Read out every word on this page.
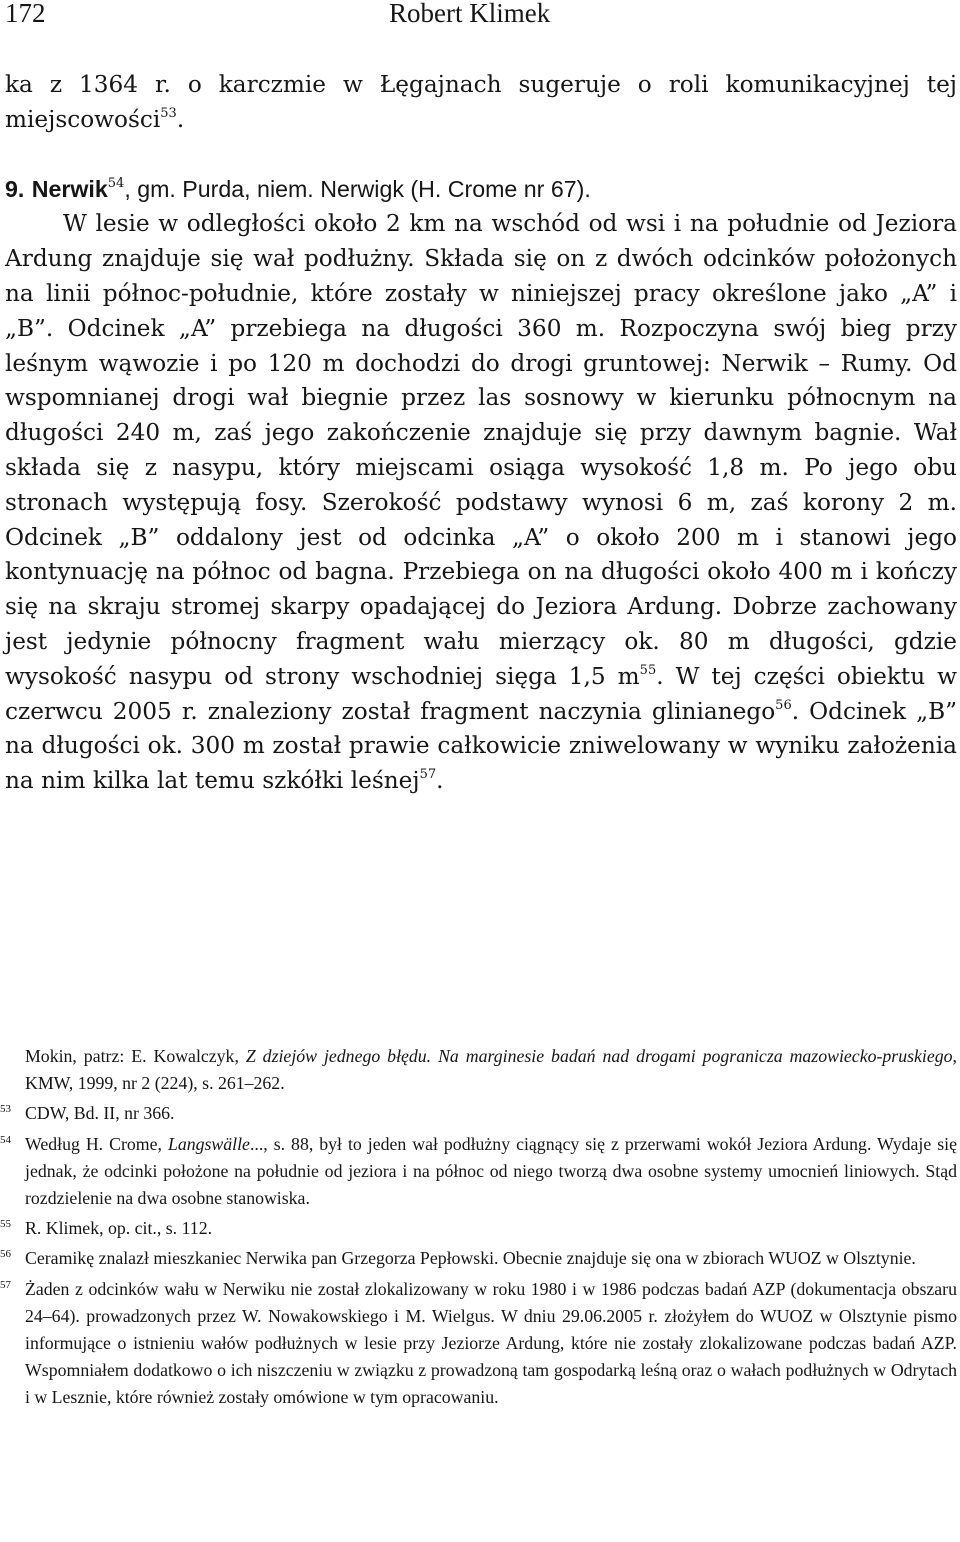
172	Robert Klimek

ka z 1364 r. o karczmie w Łęgajnach sugeruje o roli komunikacyjnej tej miejscowości$^{53}$.

9. Nerwik$^{54}$, gm. Purda, niem. Nerwigk (H. Crome nr 67).

W lesie w odległości około 2 km na wschód od wsi i na południe od Jeziora Ardung znajduje się wał podłużny. Składa się on z dwóch odcinków położonych na linii północ-południe, które zostały w niniejszej pracy określone jako „A” i „B”. Odcinek „A” przebiega na długości 360 m. Rozpoczyna swój bieg przy leśnym wąwozie i po 120 m dochodzi do drogi gruntowej: Nerwik – Rumy. Od wspomnianej drogi wał biegnie przez las sosnowy w kierunku północnym na długości 240 m, zaś jego zakończenie znajduje się przy dawnym bagnie. Wał składa się z nasypu, który miejscami osiąga wysokość 1,8 m. Po jego obu stronach występują fosy. Szerokość podstawy wynosi 6 m, zaś korony 2 m. Odcinek „B” oddalony jest od odcinka „A” o około 200 m i stanowi jego kontynuację na północ od bagna. Przebiega on na długości około 400 m i kończy się na skraju stromej skarpy opadającej do Jeziora Ardung. Dobrze zachowany jest jedynie północny fragment wału mierzący ok. 80 m długości, gdzie wysokość nasypu od strony wschodniej sięga 1,5 m$^{55}$. W tej części obiektu w czerwcu 2005 r. znaleziony został fragment naczynia glinianego$^{56}$. Odcinek „B” na długości ok. 300 m został prawie całkowicie zniwelowany w wyniku założenia na nim kilka lat temu szkółki leśnej$^{57}$.

Mokin, patrz: E. Kowalczyk, Z dziejów jednego błędu. Na marginesie badań nad drogami pogranicza mazowiecko-pruskiego, KMW, 1999, nr 2 (224), s. 261–262.

53 CDW, Bd. II, nr 366.

54 Według H. Crome, Langswälle..., s. 88, był to jeden wał podłużny ciągnący się z przerwami wokół Jeziora Ardung. Wydaje się jednak, że odcinki położone na południe od jeziora i na północ od niego tworzą dwa osobne systemy umocnień liniowych. Stąd rozdzielenie na dwa osobne stanowiska.

55 R. Klimek, op. cit., s. 112.

56 Ceramikę znalazł mieszkaniec Nerwika pan Grzegorza Pepłowski. Obecnie znajduje się ona w zbiorach WUOZ w Olsztynie.

57 Żaden z odcinków wału w Nerwiku nie został zlokalizowany w roku 1980 i w 1986 podczas badań AZP (dokumentacja obszaru 24–64). prowadzonych przez W. Nowakowskiego i M. Wielgus. W dniu 29.06.2005 r. złożyłem do WUOZ w Olsztynie pismo informujące o istnieniu wałów podłużnych w lesie przy Jeziorze Ardung, które nie zostały zlokalizowane podczas badań AZP. Wspomniałem dodatkowo o ich niszczeniu w związku z prowadzoną tam gospodarką leśną oraz o wałach podłużnych w Odrytach i w Lesznie, które również zostały omówione w tym opracowaniu.
